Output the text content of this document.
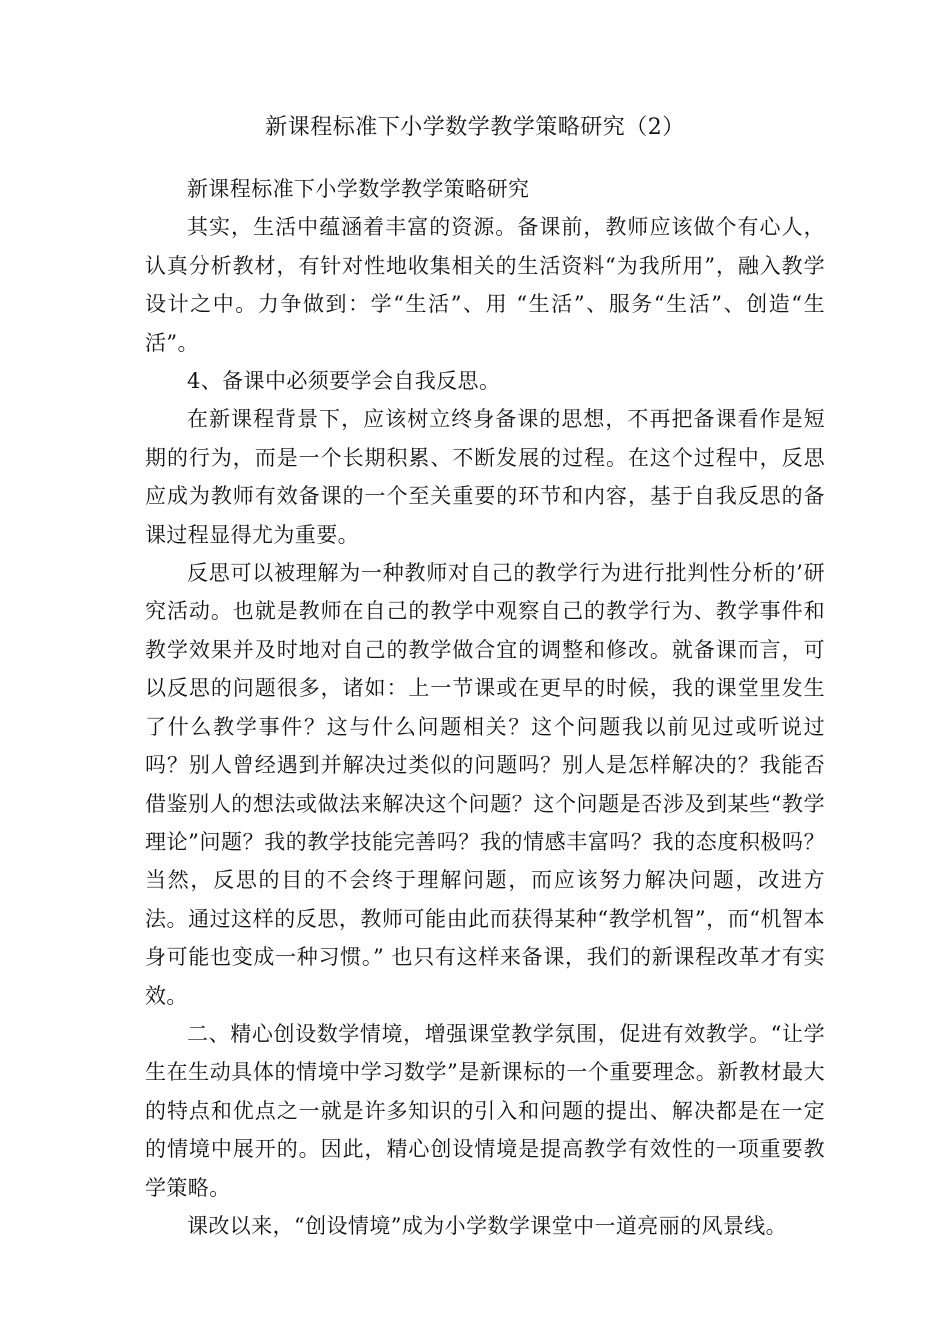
新课程标准下小学数学教学策略研究（2）

新课程标准下小学数学教学策略研究

其实，生活中蕴涵着丰富的资源。备课前，教师应该做个有心人，认真分析教材，有针对性地收集相关的生活资料“为我所用”，融入教学设计之中。力争做到：学“生活”、用 “生活”、服务“生活”、创造“生活”。

4、备课中必须要学会自我反思。

在新课程背景下，应该树立终身备课的思想，不再把备课看作是短期的行为，而是一个长期积累、不断发展的过程。在这个过程中，反思应成为教师有效备课的一个至关重要的环节和内容，基于自我反思的备课过程显得尤为重要。

反思可以被理解为一种教师对自己的教学行为进行批判性分析的’研究活动。也就是教师在自己的教学中观察自己的教学行为、教学事件和教学效果并及时地对自己的教学做合宜的调整和修改。就备课而言，可以反思的问题很多，诸如：上一节课或在更早的时候，我的课堂里发生了什么教学事件？这与什么问题相关？这个问题我以前见过或听说过吗？别人曾经遇到并解决过类似的问题吗？别人是怎样解决的？我能否借鉴别人的想法或做法来解决这个问题？这个问题是否涉及到某些“教学理论”问题？我的教学技能完善吗？我的情感丰富吗？我的态度积极吗？当然，反思的目的不会终于理解问题，而应该努力解决问题，改进方法。通过这样的反思，教师可能由此而获得某种“教学机智”，而“机智本身可能也变成一种习惯。” 也只有这样来备课，我们的新课程改革才有实效。

二、精心创设数学情境，增强课堂教学氛围，促进有效教学。“让学生在生动具体的情境中学习数学”是新课标的一个重要理念。新教材最大的特点和优点之一就是许多知识的引入和问题的提出、解决都是在一定的情境中展开的。因此，精心创设情境是提高教学有效性的一项重要教学策略。

课改以来，“创设情境”成为小学数学课堂中一道亮丽的风景线。
